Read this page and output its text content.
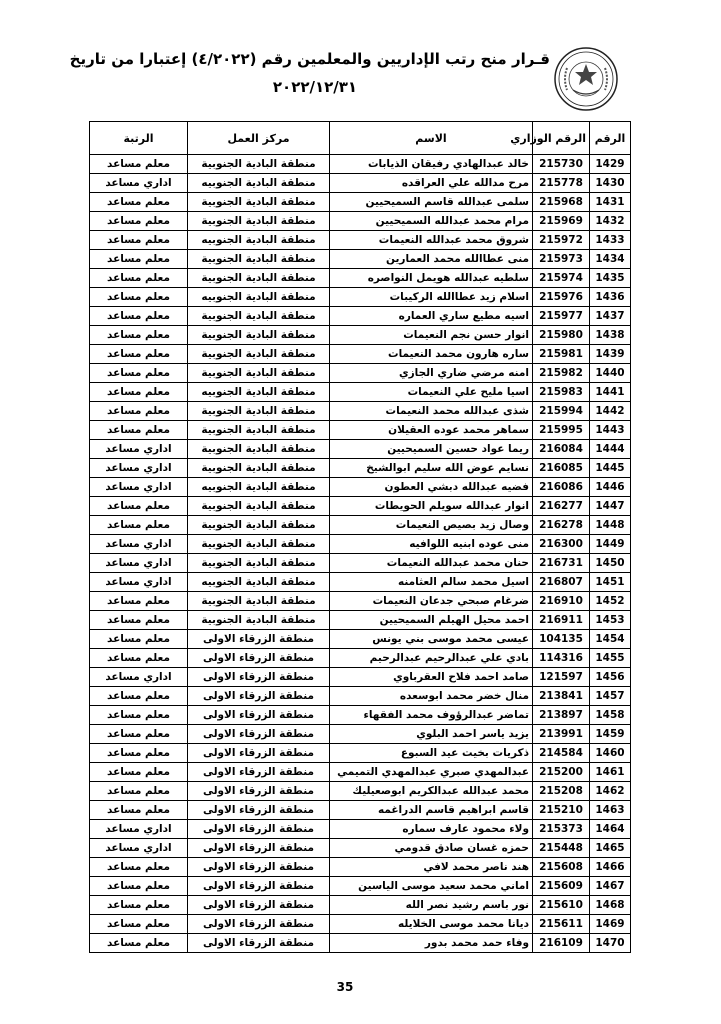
قـرار منح رتب الإداريين والمعلمين رقم (٤/٢٠٢٢) إعتبارا من تاريخ
٢٠٢٢/١٢/٣١
الرقم	الرقم الوزاري	الاسم	مركز العمل	الرتبة
1429	215730	خالد عبدالهادي رفيقان الذيابات	منطقة البادية الجنوبية	معلم مساعد
1430	215778	مرح مدالله علي العراقده	منطقة البادية الجنوبيه	اداري مساعد
1431	215968	سلمى عبدالله قاسم السميحيين	منطقة البادية الجنوبية	معلم مساعد
1432	215969	مرام محمد عبدالله السميحيين	منطقة البادية الجنوبية	معلم مساعد
1433	215972	شروق محمد عبدالله النعيمات	منطقة البادية الجنوبيه	معلم مساعد
1434	215973	منى عطاالله محمد العمارين	منطقة البادية الجنوبية	معلم مساعد
1435	215974	سلطيه عبدالله هويمل النواصره	منطقة البادية الجنوبية	معلم مساعد
1436	215976	اسلام زيد عطاالله الركيبات	منطقة البادية الجنوبيه	معلم مساعد
1437	215977	اسيه مطيع ساري العماره	منطقة البادية الجنوبية	معلم مساعد
1438	215980	انوار حسن نجم النعيمات	منطقة البادية الجنوبية	معلم مساعد
1439	215981	ساره هارون محمد النعيمات	منطقة البادية الجنوبية	معلم مساعد
1440	215982	امنه مرضي ضاري الجازي	منطقة البادية الجنوبية	معلم مساعد
1441	215983	اسيا مليح علي النعيمات	منطقة البادية الجنوبيه	معلم مساعد
1442	215994	شذى عبدالله محمد النعيمات	منطقة البادية الجنوبية	معلم مساعد
1443	215995	سماهر محمد عوده العقيلان	منطقة البادية الجنوبية	معلم مساعد
1444	216084	ريما عواد حسين السميحيين	منطقة البادية الجنوبية	اداري مساعد
1445	216085	نسايم عوض الله سليم ابوالشيخ	منطقة البادية الجنوبية	اداري مساعد
1446	216086	فضيه عبدالله دبشي العطون	منطقة البادية الجنوبيه	اداري مساعد
1447	216277	انوار عبدالله سويلم الحويطات	منطقة البادية الجنوبية	معلم مساعد
1448	216278	وصال زيد بصيص النعيمات	منطقة البادية الجنوبية	معلم مساعد
1449	216300	منى عوده ابنيه اللوافيه	منطقة البادية الجنوبية	اداري مساعد
1450	216731	حنان محمد عبدالله النعيمات	منطقة البادية الجنوبية	اداري مساعد
1451	216807	اسيل محمد سالم العثامنه	منطقة البادية الجنوبيه	اداري مساعد
1452	216910	ضرغام صبحي جدعان النعيمات	منطقة البادية الجنوبية	معلم مساعد
1453	216911	احمد محيل الهيلم السميحيين	منطقة البادية الجنوبية	معلم مساعد
1454	104135	عيسى محمد موسى بني يونس	منطقة الزرقاء الاولى	معلم مساعد
1455	114316	بادي علي عبدالرحيم عبدالرحيم	منطقة الزرقاء الاولى	معلم مساعد
1456	121597	صامد احمد فلاح العقرباوي	منطقة الزرقاء الاولى	اداري مساعد
1457	213841	منال خضر محمد ابوسعده	منطقة الزرقاء الاولى	معلم مساعد
1458	213897	تماضر عبدالرؤوف محمد الفقهاء	منطقة الزرقاء الاولى	معلم مساعد
1459	213991	يزيد ياسر احمد البلوي	منطقة الزرقاء الاولى	معلم مساعد
1460	214584	ذكريات بخيت عيد السبوع	منطقة الزرقاء الاولى	معلم مساعد
1461	215200	عبدالمهدي صبري عبدالمهدي التميمي	منطقة الزرقاء الاولى	معلم مساعد
1462	215208	محمد عبدالله عبدالكريم ابوصعيليك	منطقة الزرقاء الاولى	معلم مساعد
1463	215210	قاسم ابراهيم قاسم الدراغمه	منطقة الزرقاء الاولى	معلم مساعد
1464	215373	ولاء محمود عارف سماره	منطقة الزرقاء الاولى	اداري مساعد
1465	215448	حمزه غسان صادق قدومي	منطقة الزرقاء الاولى	اداري مساعد
1466	215608	هند ناصر محمد لافي	منطقة الزرقاء الاولى	معلم مساعد
1467	215609	اماني محمد سعيد موسى الياسين	منطقة الزرقاء الاولى	معلم مساعد
1468	215610	نور باسم رشيد نصر الله	منطقة الزرقاء الاولى	معلم مساعد
1469	215611	ديانا محمد موسى الخلايله	منطقة الزرقاء الاولى	معلم مساعد
1470	216109	وفاء حمد محمد بدور	منطقة الزرقاء الاولى	معلم مساعد
35
